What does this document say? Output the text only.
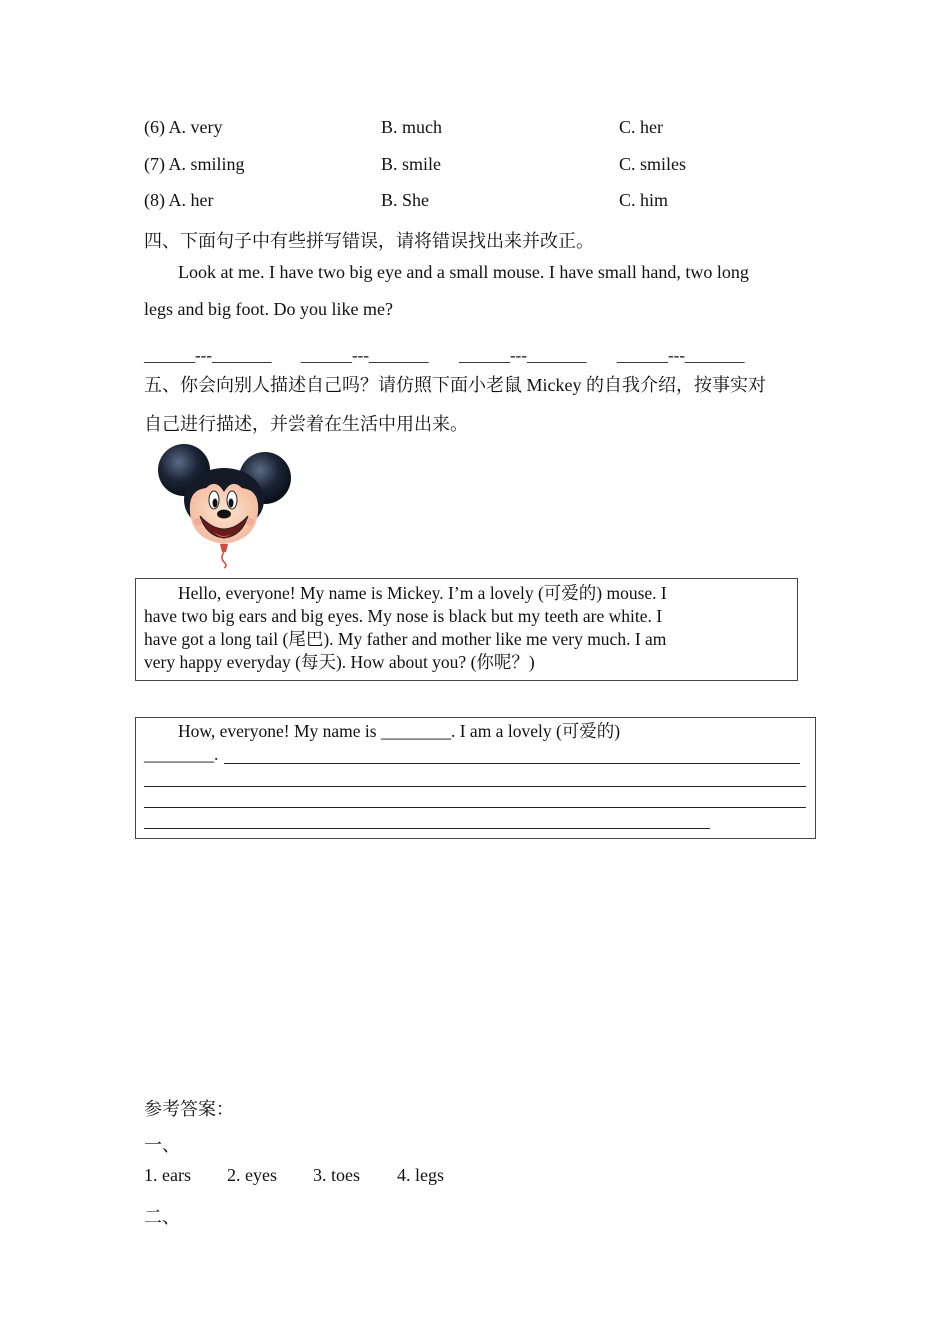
(6) A. very	B. much	C. her
(7) A. smiling	B. smile	C. smiles
(8) A. her	B. She	C. him
四、下面句子中有些拼写错误，请将错误找出来并改正。
Look at me. I have two big eye and a small mouse. I have small hand, two long
legs and big foot. Do you like me?
______---_______ ______---_______ ______---_______ ______---_______
五、你会向别人描述自己吗？请仿照下面小老鼠 Mickey 的自我介绍，按事实对
自己进行描述，并尝着在生活中用出来。

Hello, everyone! My name is Mickey. I’m a lovely (可爱的) mouse. I

have two big ears and big eyes. My nose is black but my teeth are white. I

have got a long tail (尾巴). My father and mother like me very much. I am

very happy everyday (每天). How about you? (你呢？)

How, everyone! My name is ________. I am a lovely (可爱的)

________.

参考答案：
一、
1. ears 2. eyes 3. toes 4. legs
二、
